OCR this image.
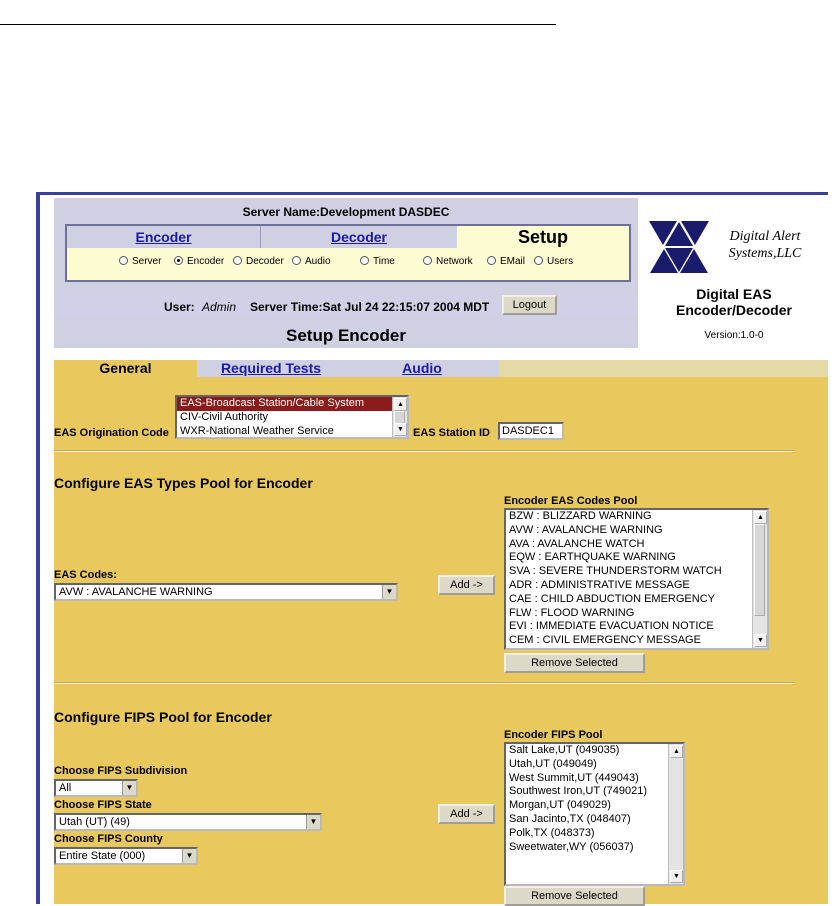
Server Name:Development DASDEC
Encoder	Decoder	Setup
Server	Encoder	Decoder	Audio	Time	Network	EMail	Users
User: Admin Server Time:Sat Jul 24 22:15:07 2004 MDT	Logout
Setup Encoder
Digital Alert
Systems,LLC
Digital EAS
Encoder/Decoder
Version:1.0-0
General	Required Tests	Audio
EAS-Broadcast Station/Cable System
CIV-Civil Authority
WXR-National Weather Service
▲
▼
EAS Origination Code	EAS Station ID	DASDEC1
Configure EAS Types Pool for Encoder
Encoder EAS Codes Pool
BZW : BLIZZARD WARNING
AVW : AVALANCHE WARNING
AVA : AVALANCHE WATCH
EQW : EARTHQUAKE WARNING
SVA : SEVERE THUNDERSTORM WATCH
ADR : ADMINISTRATIVE MESSAGE
CAE : CHILD ABDUCTION EMERGENCY
FLW : FLOOD WARNING
EVI : IMMEDIATE EVACUATION NOTICE
CEM : CIVIL EMERGENCY MESSAGE
▲
▼
EAS Codes:
AVW : AVALANCHE WARNING	▼
Add ->
Remove Selected
Configure FIPS Pool for Encoder
Encoder FIPS Pool
Salt Lake,UT (049035)
Utah,UT (049049)
West Summit,UT (449043)
Southwest Iron,UT (749021)
Morgan,UT (049029)
San Jacinto,TX (048407)
Polk,TX (048373)
Sweetwater,WY (056037)
▲
▼
Choose FIPS Subdivision
All	▼
Choose FIPS State
Utah (UT) (49)	▼
Choose FIPS County
Entire State (000)	▼
Add ->
Remove Selected
